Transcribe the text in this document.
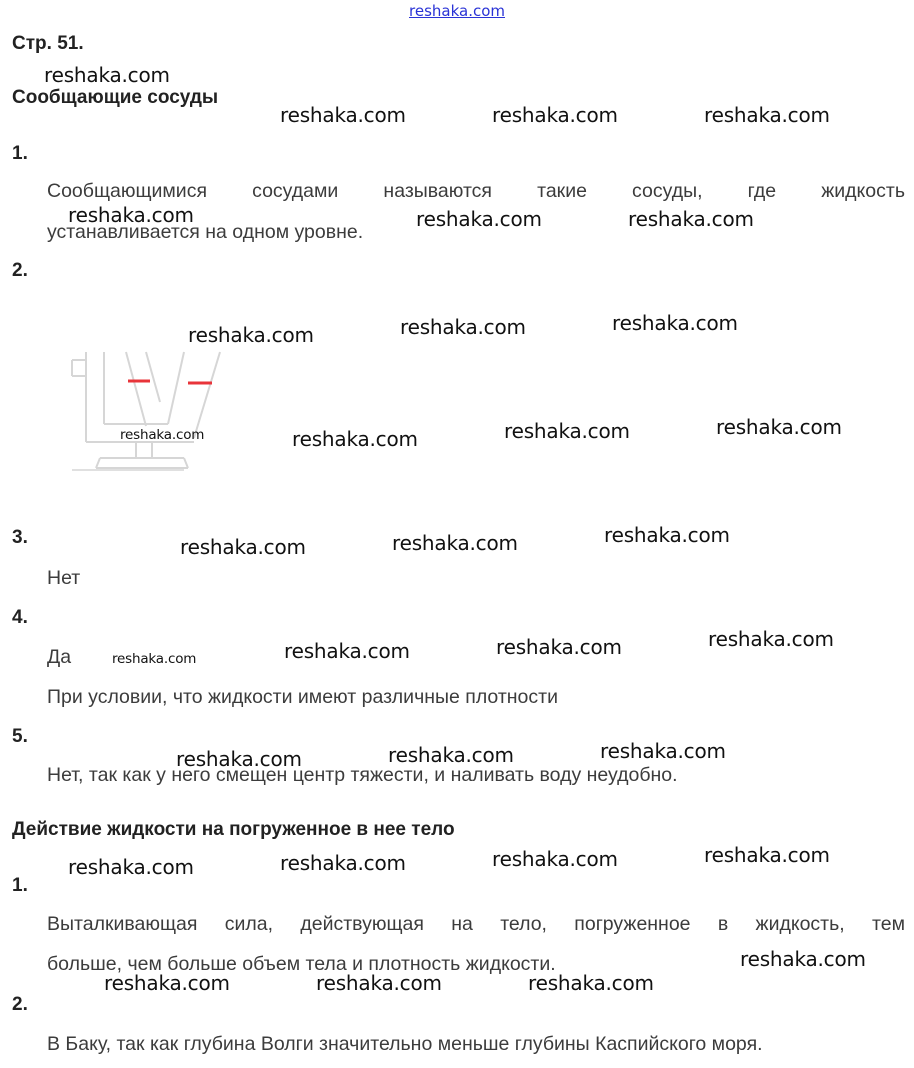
reshaka.com
Стр. 51.
Сообщающие сосуды
1.
Сообщающимися сосудами называются такие сосуды, где жидкость
устанавливается на одном уровне.
2.
3.
Нет
4.
Да
При условии, что жидкости имеют различные плотности
5.
Нет, так как у него смещен центр тяжести, и наливать воду неудобно.
Действие жидкости на погруженное в нее тело
1.
Выталкивающая сила, действующая на тело, погруженное в жидкость, тем
больше, чем больше объем тела и плотность жидкости.
2.
В Баку, так как глубина Волги значительно меньше глубины Каспийского моря.
reshaka.com
reshaka.com	reshaka.com	reshaka.com
reshaka.com	reshaka.com	reshaka.com
reshaka.com	reshaka.com	reshaka.com
reshaka.com	reshaka.com	reshaka.com	reshaka.com
reshaka.com	reshaka.com	reshaka.com
reshaka.com	reshaka.com	reshaka.com	reshaka.com
reshaka.com	reshaka.com	reshaka.com
reshaka.com	reshaka.com	reshaka.com	reshaka.com
reshaka.com
reshaka.com	reshaka.com	reshaka.com
